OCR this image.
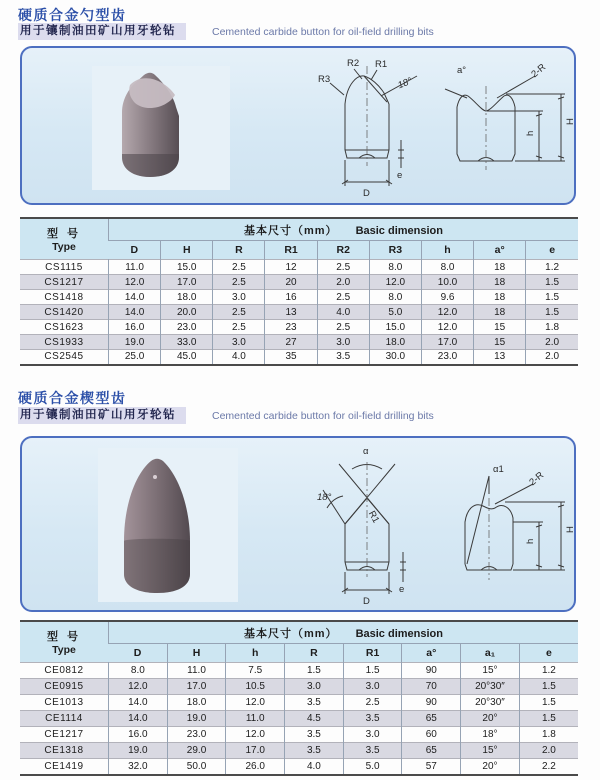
硬质合金勺型齿
用于镶制油田矿山用牙轮钻	Cemented carbide button for oil-field drilling bits
R2 R1
R3	18°
D
e
a°	2-R
H
h
型 号
Type	基本尺寸（mm） Basic dimension								
	D	H	R	R1	R2	R3	h	a°	e
CS1115	11.0	15.0	2.5	12	2.5	8.0	8.0	18	1.2
CS1217	12.0	17.0	2.5	20	2.0	12.0	10.0	18	1.5
CS1418	14.0	18.0	3.0	16	2.5	8.0	9.6	18	1.5
CS1420	14.0	20.0	2.5	13	4.0	5.0	12.0	18	1.5
CS1623	16.0	23.0	2.5	23	2.5	15.0	12.0	15	1.8
CS1933	19.0	33.0	3.0	27	3.0	18.0	17.0	15	2.0
CS2545	25.0	45.0	4.0	35	3.5	30.0	23.0	13	2.0
硬质合金楔型齿
用于镶制油田矿山用牙轮钻	Cemented carbide button for oil-field drilling bits
α
18°
R1
D
e
α1
2-R
H
h
型 号
Type	基本尺寸（mm） Basic dimension							
	D	H	h	R	R1	a°	a₁	e
CE0812	8.0	11.0	7.5	1.5	1.5	90	15°	1.2
CE0915	12.0	17.0	10.5	3.0	3.0	70	20°30″	1.5
CE1013	14.0	18.0	12.0	3.5	2.5	90	20°30″	1.5
CE1114	14.0	19.0	11.0	4.5	3.5	65	20°	1.5
CE1217	16.0	23.0	12.0	3.5	3.0	60	18°	1.8
CE1318	19.0	29.0	17.0	3.5	3.5	65	15°	2.0
CE1419	32.0	50.0	26.0	4.0	5.0	57	20°	2.2
